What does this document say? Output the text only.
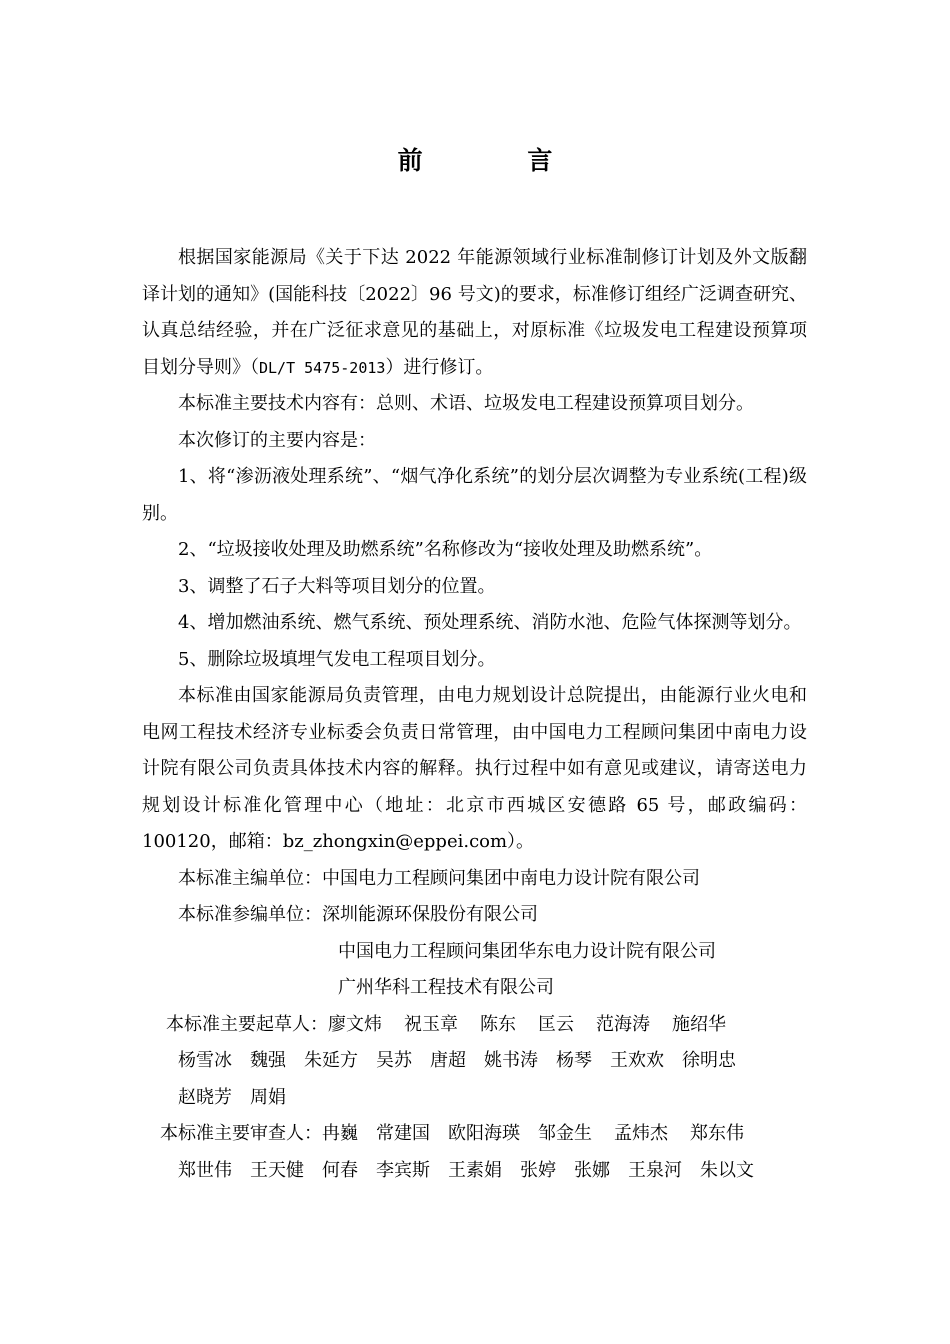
前 言

根据国家能源局《关于下达 2022 年能源领域行业标准制修订计划及外文版翻译计划的通知》(国能科技〔2022〕96 号文)的要求，标准修订组经广泛调查研究、认真总结经验，并在广泛征求意见的基础上，对原标准《垃圾发电工程建设预算项目划分导则》（DL/T 5475-2013）进行修订。

本标准主要技术内容有：总则、术语、垃圾发电工程建设预算项目划分。

本次修订的主要内容是：

1、将“渗沥液处理系统”、“烟气净化系统”的划分层次调整为专业系统(工程)级别。

2、“垃圾接收处理及助燃系统”名称修改为“接收处理及助燃系统”。

3、调整了石子大料等项目划分的位置。

4、增加燃油系统、燃气系统、预处理系统、消防水池、危险气体探测等划分。

5、删除垃圾填埋气发电工程项目划分。

本标准由国家能源局负责管理，由电力规划设计总院提出，由能源行业火电和电网工程技术经济专业标委会负责日常管理，由中国电力工程顾问集团中南电力设计院有限公司负责具体技术内容的解释。执行过程中如有意见或建议，请寄送电力规划设计标准化管理中心（地址：北京市西城区安德路 65 号，邮政编码：100120，邮箱：bz_zhongxin@eppei.com）。

本标准主编单位：中国电力工程顾问集团中南电力设计院有限公司

本标准参编单位：深圳能源环保股份有限公司

中国电力工程顾问集团华东电力设计院有限公司

广州华科工程技术有限公司

本标准主要起草人：廖文炜 祝玉章 陈东 匡云 范海涛 施绍华

杨雪冰 魏强 朱延方 吴苏 唐超 姚书涛 杨琴 王欢欢 徐明忠

赵晓芳 周娟

本标准主要审查人：冉巍 常建国 欧阳海瑛 邹金生 孟炜杰 郑东伟

郑世伟 王天健 何春 李宾斯 王素娟 张婷 张娜 王泉河 朱以文
